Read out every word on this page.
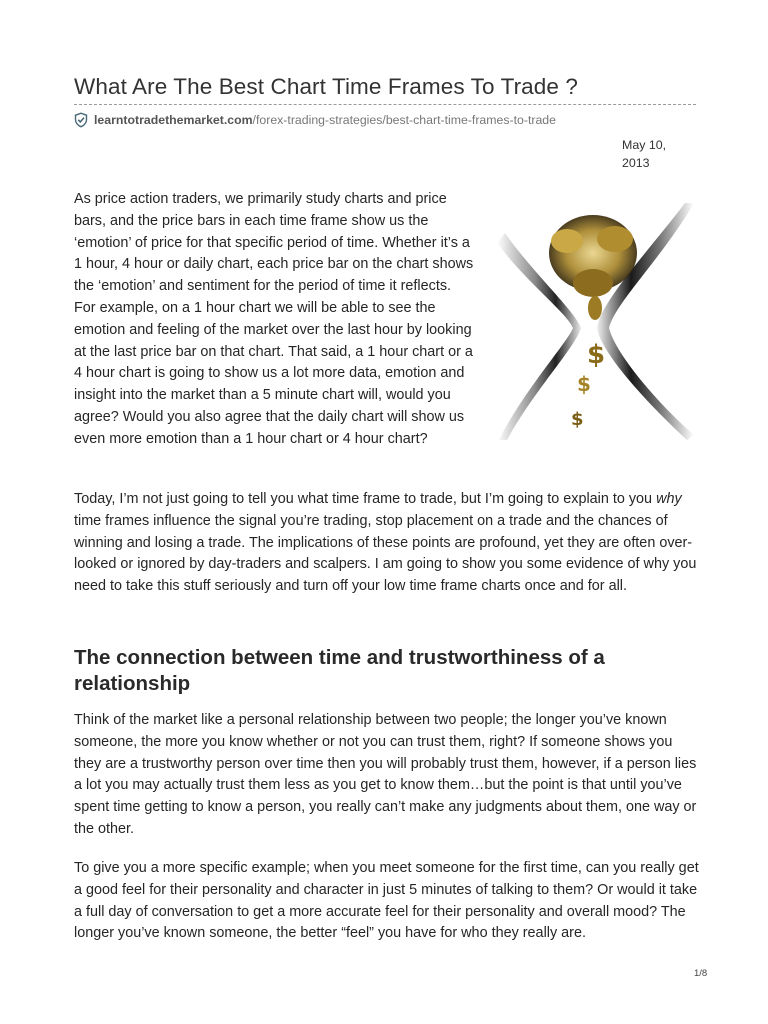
What Are The Best Chart Time Frames To Trade ?
learntotradethemarket.com /forex-trading-strategies/best-chart-time-frames-to-trade
May 10, 2013

As price action traders, we primarily study charts and price bars, and the price bars in each time frame show us the ‘emotion’ of price for that specific period of time. Whether it’s a 1 hour, 4 hour or daily chart, each price bar on the chart shows the ‘emotion’ and sentiment for the period of time it reflects. For example, on a 1 hour chart we will be able to see the emotion and feeling of the market over the last hour by looking at the last price bar on that chart. That said, a 1 hour chart or a 4 hour chart is going to show us a lot more data, emotion and insight into the market than a 5 minute chart will, would you agree? Would you also agree that the daily chart will show us even more emotion than a 1 hour chart or 4 hour chart?

$
$
$

Today, I’m not just going to tell you what time frame to trade, but I’m going to explain to you why time frames influence the signal you’re trading, stop placement on a trade and the chances of winning and losing a trade. The implications of these points are profound, yet they are often over-looked or ignored by day-traders and scalpers. I am going to show you some evidence of why you need to take this stuff seriously and turn off your low time frame charts once and for all.

The connection between time and trustworthiness of a relationship

Think of the market like a personal relationship between two people; the longer you’ve known someone, the more you know whether or not you can trust them, right? If someone shows you they are a trustworthy person over time then you will probably trust them, however, if a person lies a lot you may actually trust them less as you get to know them…but the point is that until you’ve spent time getting to know a person, you really can’t make any judgments about them, one way or the other.

To give you a more specific example; when you meet someone for the first time, can you really get a good feel for their personality and character in just 5 minutes of talking to them? Or would it take a full day of conversation to get a more accurate feel for their personality and overall mood? The longer you’ve known someone, the better “feel” you have for who they really are.

1/8
